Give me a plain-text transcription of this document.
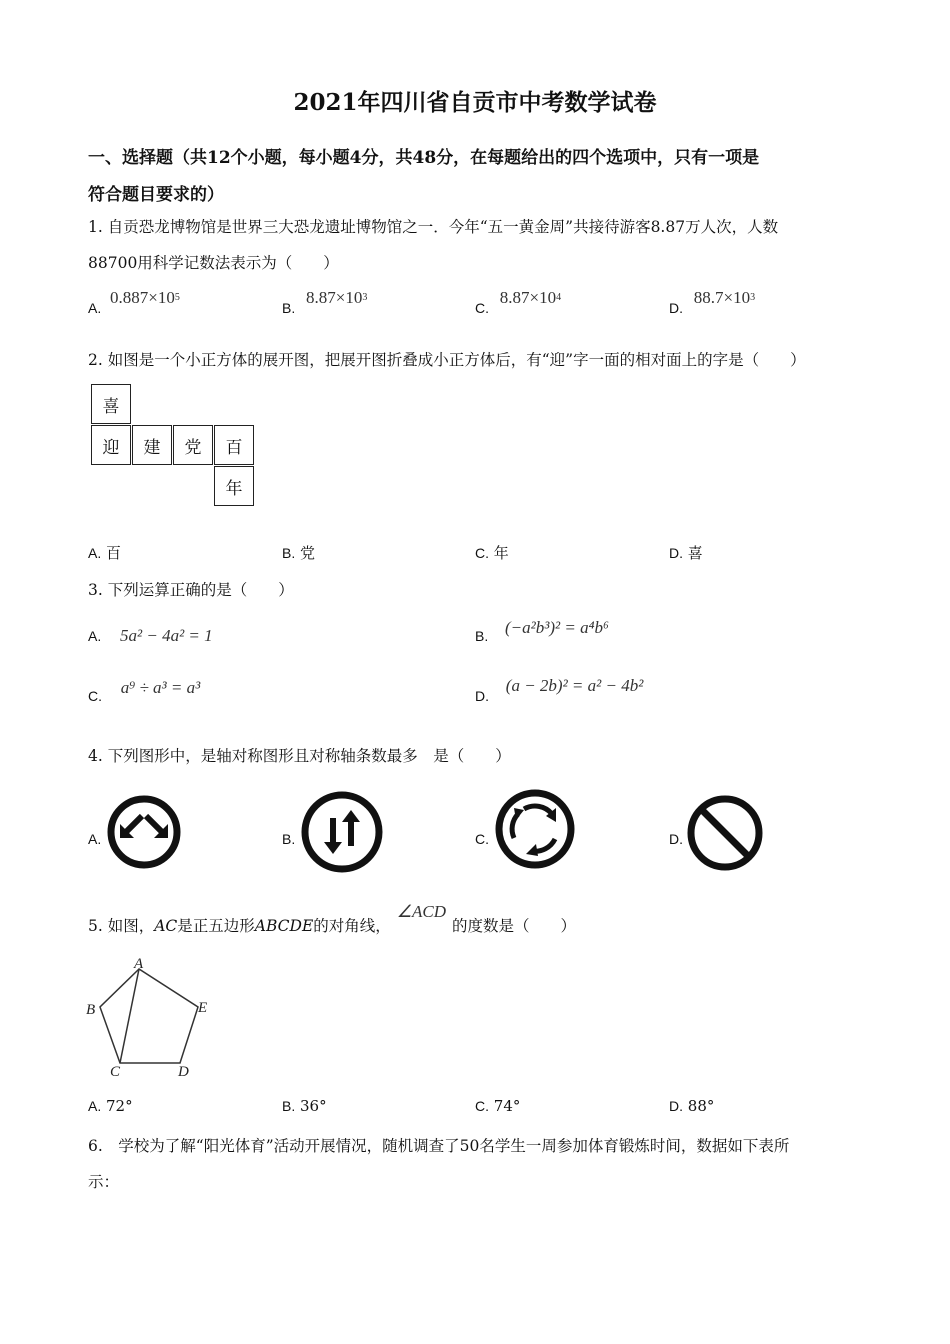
2021年四川省自贡市中考数学试卷
一、选择题（共12个小题，每小题4分，共48分，在每题给出的四个选项中，只有一项是
符合题目要求的）
1. 自贡恐龙博物馆是世界三大恐龙遗址博物馆之一．今年“五一黄金周”共接待游客8.87万人次，人数
88700用科学记数法表示为（　　）
A. $0.887\times 10^5$
B. $8.87\times 10^3$
C. $8.87\times 10^4$
D. $88.7\times 10^3$
2. 如图是一个小正方体的展开图，把展开图折叠成小正方体后，有“迎”字一面的相对面上的字是（　　）
喜
迎	建	党	百
年
A. 百	B. 党	C. 年	D. 喜
3. 下列运算正确的是（　　）
A. 5a² − 4a² = 1	B. (−a²b³)² = a⁴b⁶
C. a⁹ ÷ a³ = a³	D. (a − 2b)² = a² − 4b²
4. 下列图形中，是轴对称图形且对称轴条数最多　是（　　）
A.	B.	C.	D.
5. 如图，AC是正五边形ABCDE的对角线，∠ACD的度数是（　　）
A
B
C	D
E
A. 72°	B. 36°	C. 74°	D. 88°
6.　学校为了解“阳光体育”活动开展情况，随机调查了50名学生一周参加体育锻炼时间，数据如下表所
示：
